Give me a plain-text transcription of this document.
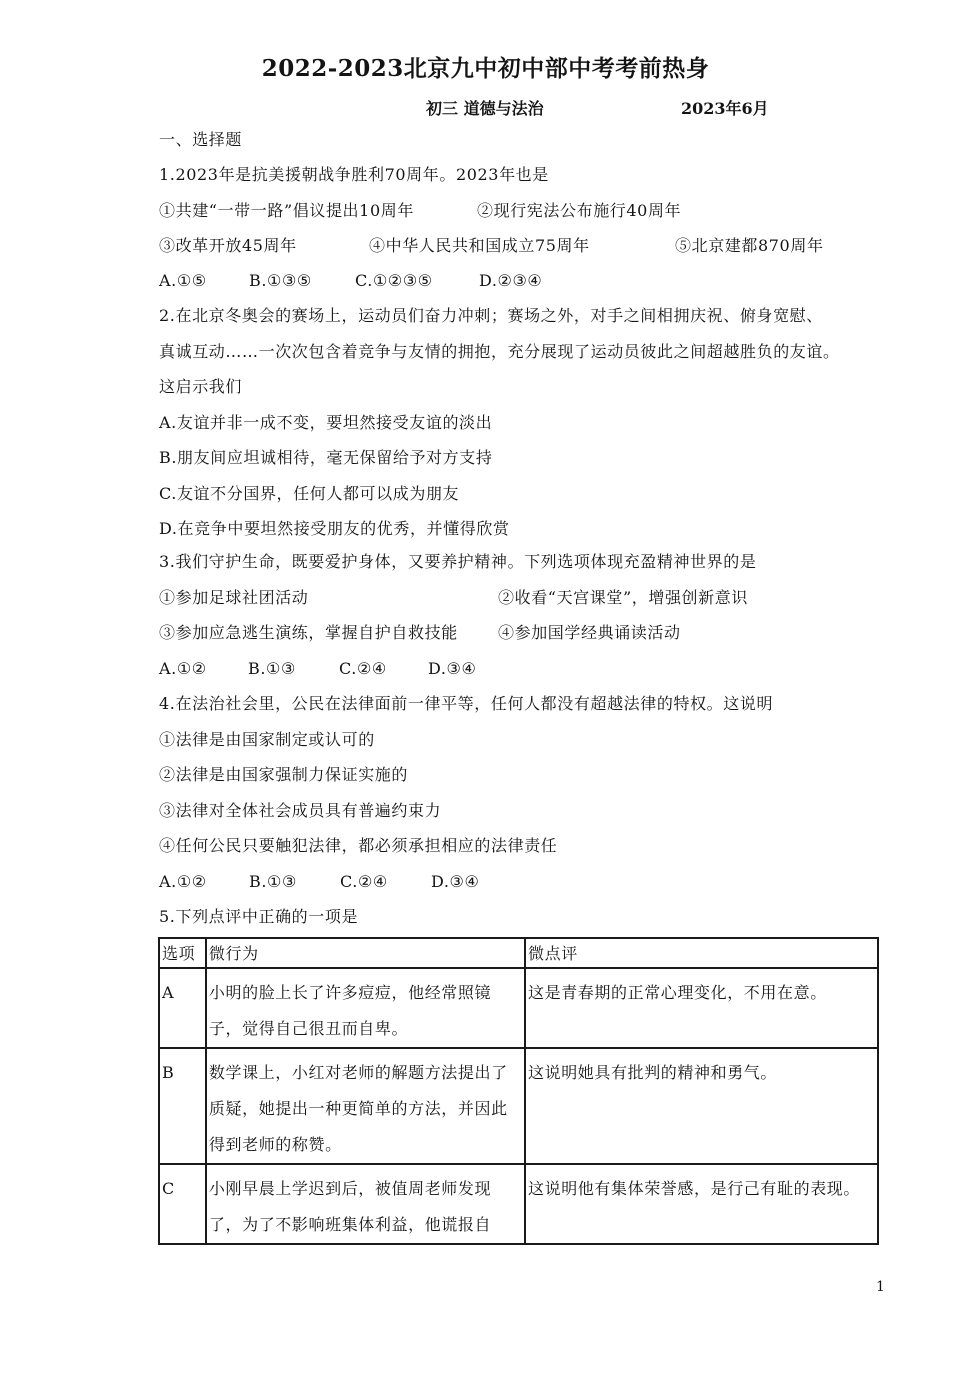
2022-2023北京九中初中部中考考前热身
初三 道德与法治	2023年6月
一、选择题
1.2023年是抗美援朝战争胜利70周年。2023年也是
①共建“一带一路”倡议提出10周年	②现行宪法公布施行40周年
③改革开放45周年	④中华人民共和国成立75周年	⑤北京建都870周年
A.①⑤	B.①③⑤	C.①②③⑤	D.②③④
2.在北京冬奥会的赛场上，运动员们奋力冲刺；赛场之外，对手之间相拥庆祝、俯身宽慰、
真诚互动……一次次包含着竞争与友情的拥抱，充分展现了运动员彼此之间超越胜负的友谊。
这启示我们
A.友谊并非一成不变，要坦然接受友谊的淡出
B.朋友间应坦诚相待，毫无保留给予对方支持
C.友谊不分国界，任何人都可以成为朋友
D.在竞争中要坦然接受朋友的优秀，并懂得欣赏
3.我们守护生命，既要爱护身体，又要养护精神。下列选项体现充盈精神世界的是
①参加足球社团活动	②收看“天宫课堂”，增强创新意识
③参加应急逃生演练，掌握自护自救技能	④参加国学经典诵读活动
A.①②	B.①③	C.②④	D.③④
4.在法治社会里，公民在法律面前一律平等，任何人都没有超越法律的特权。这说明
①法律是由国家制定或认可的
②法律是由国家强制力保证实施的
③法律对全体社会成员具有普遍约束力
④任何公民只要触犯法律，都必须承担相应的法律责任
A.①②	B.①③	C.②④	D.③④
5.下列点评中正确的一项是
选项	微行为	微点评
A	小明的脸上长了许多痘痘，他经常照镜子，觉得自己很丑而自卑。	这是青春期的正常心理变化，不用在意。
B	数学课上，小红对老师的解题方法提出了质疑，她提出一种更简单的方法，并因此得到老师的称赞。	这说明她具有批判的精神和勇气。
C	小刚早晨上学迟到后，被值周老师发现了，为了不影响班集体利益，他谎报自	这说明他有集体荣誉感，是行己有耻的表现。
1
